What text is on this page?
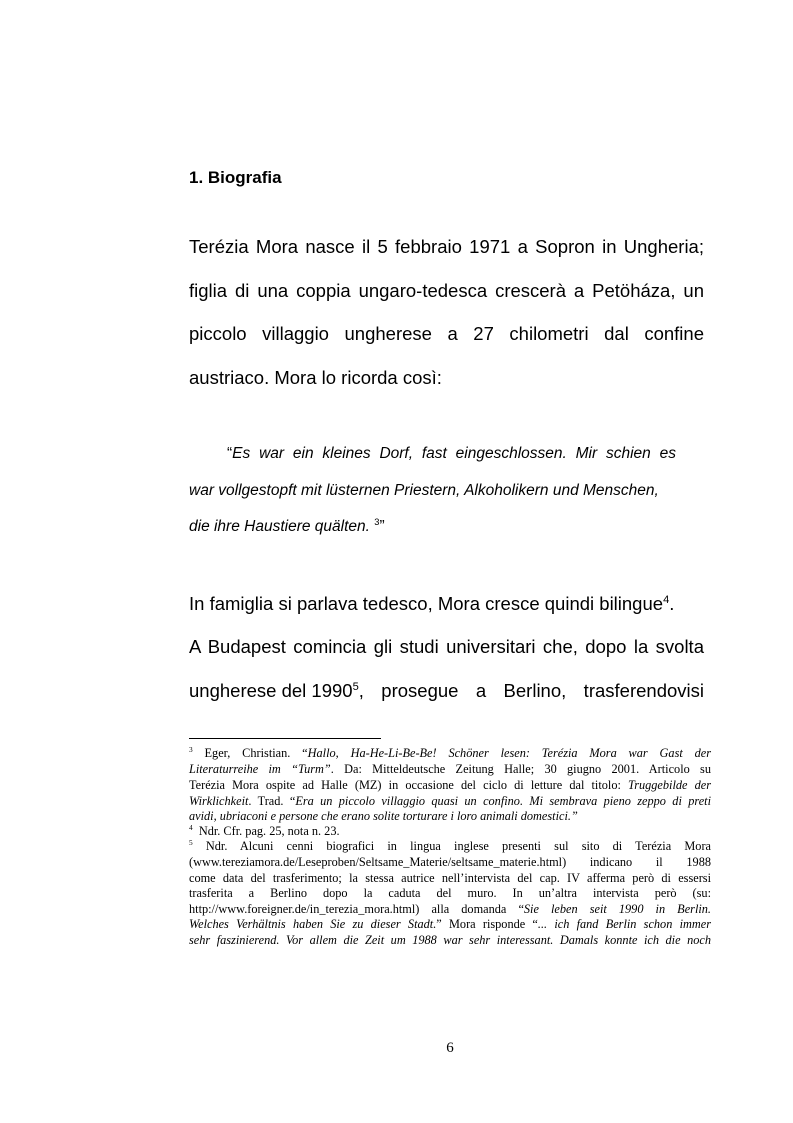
1. Biografia
Terézia Mora nasce il 5 febbraio 1971 a Sopron in Ungheria;
figlia di una coppia ungaro-tedesca crescerà a Petöháza, un
piccolo villaggio ungherese a 27 chilometri dal confine
austriaco. Mora lo ricorda così:
“Es war ein kleines Dorf, fast eingeschlossen. Mir schien es
war vollgestopft mit lüsternen Priestern, Alkoholikern und Menschen,
die ihre Haustiere quälten. $^3$”
In famiglia si parlava tedesco, Mora cresce quindi bilingue$^4$.
A Budapest comincia gli studi universitari che, dopo la svolta
ungherese del 1990$^5$ , prosegue a Berlino, trasferendovisi
$^3$ Eger, Christian. “Hallo, Ha-He-Li-Be-Be! Schöner lesen: Terézia Mora war Gast der
Literaturreihe im “Turm”. Da: Mitteldeutsche Zeitung Halle; 30 giugno 2001. Articolo su
Terézia Mora ospite ad Halle (MZ) in occasione del ciclo di letture dal titolo: Truggebilde der
Wirklichkeit. Trad. “Era un piccolo villaggio quasi un confino. Mi sembrava pieno zeppo di preti
avidi, ubriaconi e persone che erano solite torturare i loro animali domestici.”
$^4$  Ndr. Cfr. pag. 25, nota n. 23.
$^5$ Ndr. Alcuni cenni biografici in lingua inglese presenti sul sito di Terézia Mora
(www.tereziamora.de/Leseproben/Seltsame_Materie/seltsame_materie.html) indicano il 1988
come data del trasferimento; la stessa autrice nell’intervista del cap. IV afferma però di essersi
trasferita a Berlino dopo la caduta del muro. In un’altra intervista però (su:
http://www.foreigner.de/in_terezia_mora.html) alla domanda “Sie leben seit 1990 in Berlin.
Welches Verhältnis haben Sie zu dieser Stadt.” Mora risponde “... ich fand Berlin schon immer
sehr faszinierend. Vor allem die Zeit um 1988 war sehr interessant. Damals konnte ich die noch
6
